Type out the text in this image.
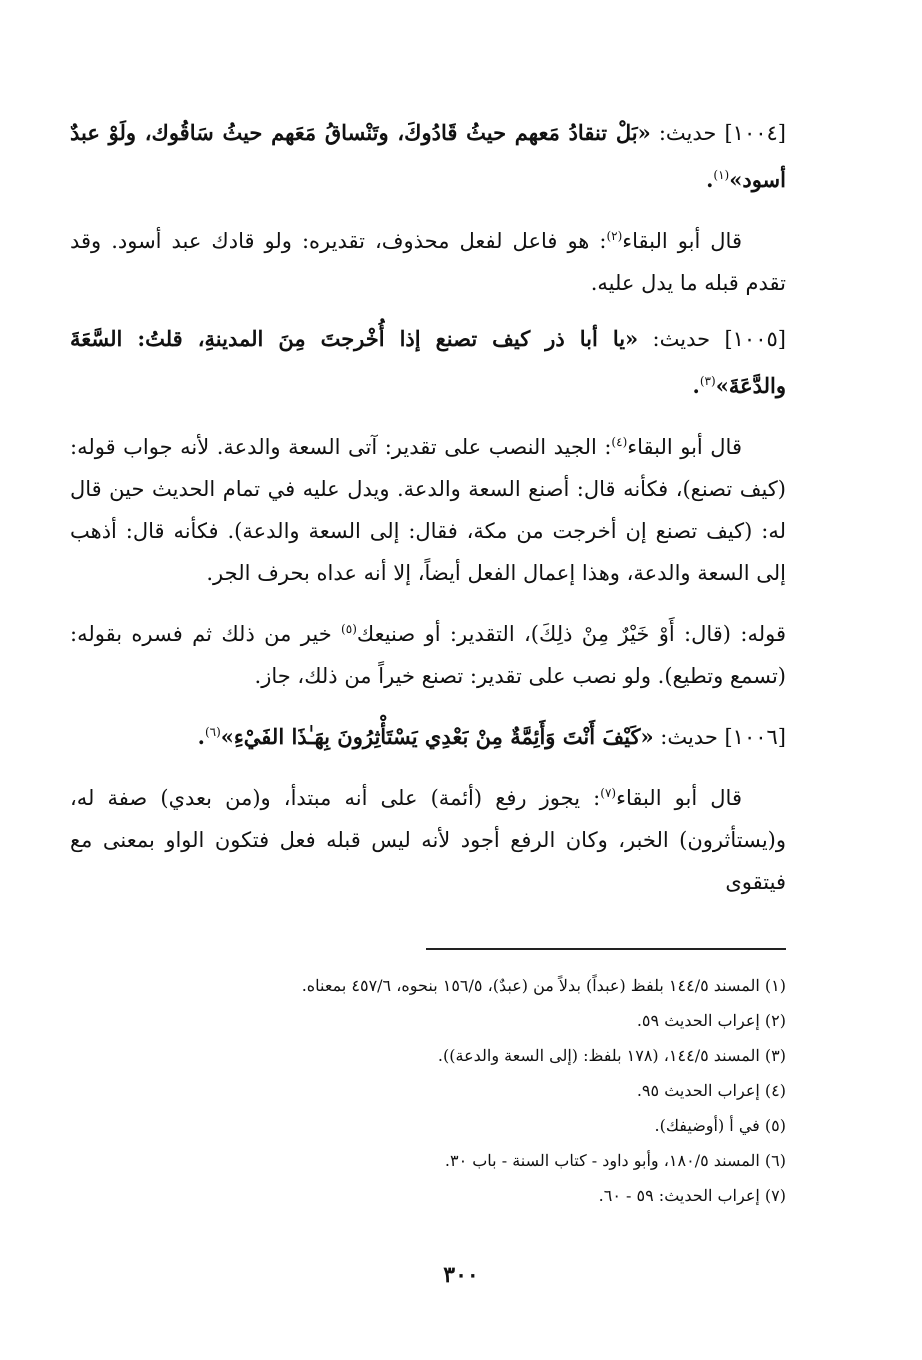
[١٠٠٤] حديث: «بَلْ تنقادُ مَعهم حيثُ قَادُوكَ، وتَنْساقُ مَعَهم حيثُ سَاقُوك، ولَوْ عبدٌ أسود»$^{(١)}$.

قال أبو البقاء$^{(٢)}$: هو فاعل لفعل محذوف، تقديره: ولو قادك عبد أسود. وقد تقدم قبله ما يدل عليه.

[١٠٠٥] حديث: «يا أبا ذر كيف تصنع إذا أُخْرجتَ مِنَ المدينةِ، قلتُ: السَّعَةَ والدَّعَةَ»$^{(٣)}$.

قال أبو البقاء$^{(٤)}$: الجيد النصب على تقدير: آتى السعة والدعة. لأنه جواب قوله: (كيف تصنع)، فكأنه قال: أصنع السعة والدعة. ويدل عليه في تمام الحديث حين قال له: (كيف تصنع إن أخرجت من مكة، فقال: إلى السعة والدعة). فكأنه قال: أذهب إلى السعة والدعة، وهذا إعمال الفعل أيضاً، إلا أنه عداه بحرف الجر.

قوله: (قال: أَوْ خَيْرٌ مِنْ ذلِكَ)، التقدير: أو صنيعك$^{(٥)}$ خير من ذلك ثم فسره بقوله: (تسمع وتطيع). ولو نصب على تقدير: تصنع خيراً من ذلك، جاز.

[١٠٠٦] حديث: «كَيْفَ أَنْتَ وَأَئِمَّةٌ مِنْ بَعْدِي يَسْتَأْثِرُونَ بِهَـٰذَا الفَيْءِ»$^{(٦)}$.

قال أبو البقاء$^{(٧)}$: يجوز رفع (أئمة) على أنه مبتدأ، و(من بعدي) صفة له، و(يستأثرون) الخبر، وكان الرفع أجود لأنه ليس قبله فعل فتكون الواو بمعنى مع فيتقوى

(١) المسند ١٤٤/٥ بلفظ (عبداً) بدلاً من (عبدٌ)، ١٥٦/٥ بنحوه، ٤٥٧/٦ بمعناه.
(٢) إعراب الحديث ٥٩.
(٣) المسند ١٤٤/٥، (١٧٨ بلفظ: (إلى السعة والدعة)).
(٤) إعراب الحديث ٩٥.
(٥) في أ (أوضيفك).
(٦) المسند ١٨٠/٥، وأبو داود - كتاب السنة - باب ٣٠.
(٧) إعراب الحديث: ٥٩ - ٦٠.
٣٠٠
